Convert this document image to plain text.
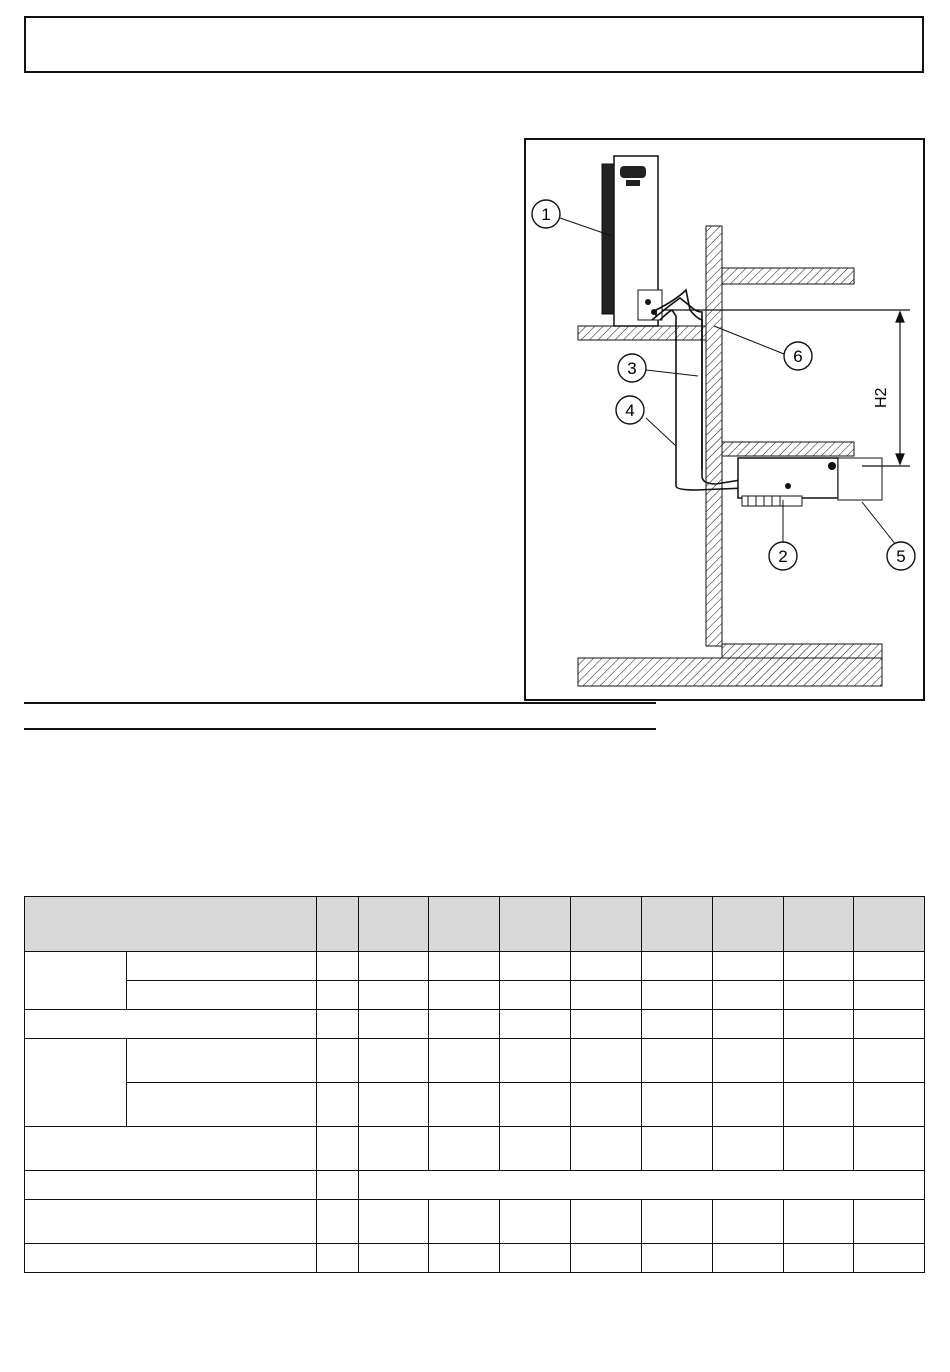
H2
1
6
3
4
2	5
